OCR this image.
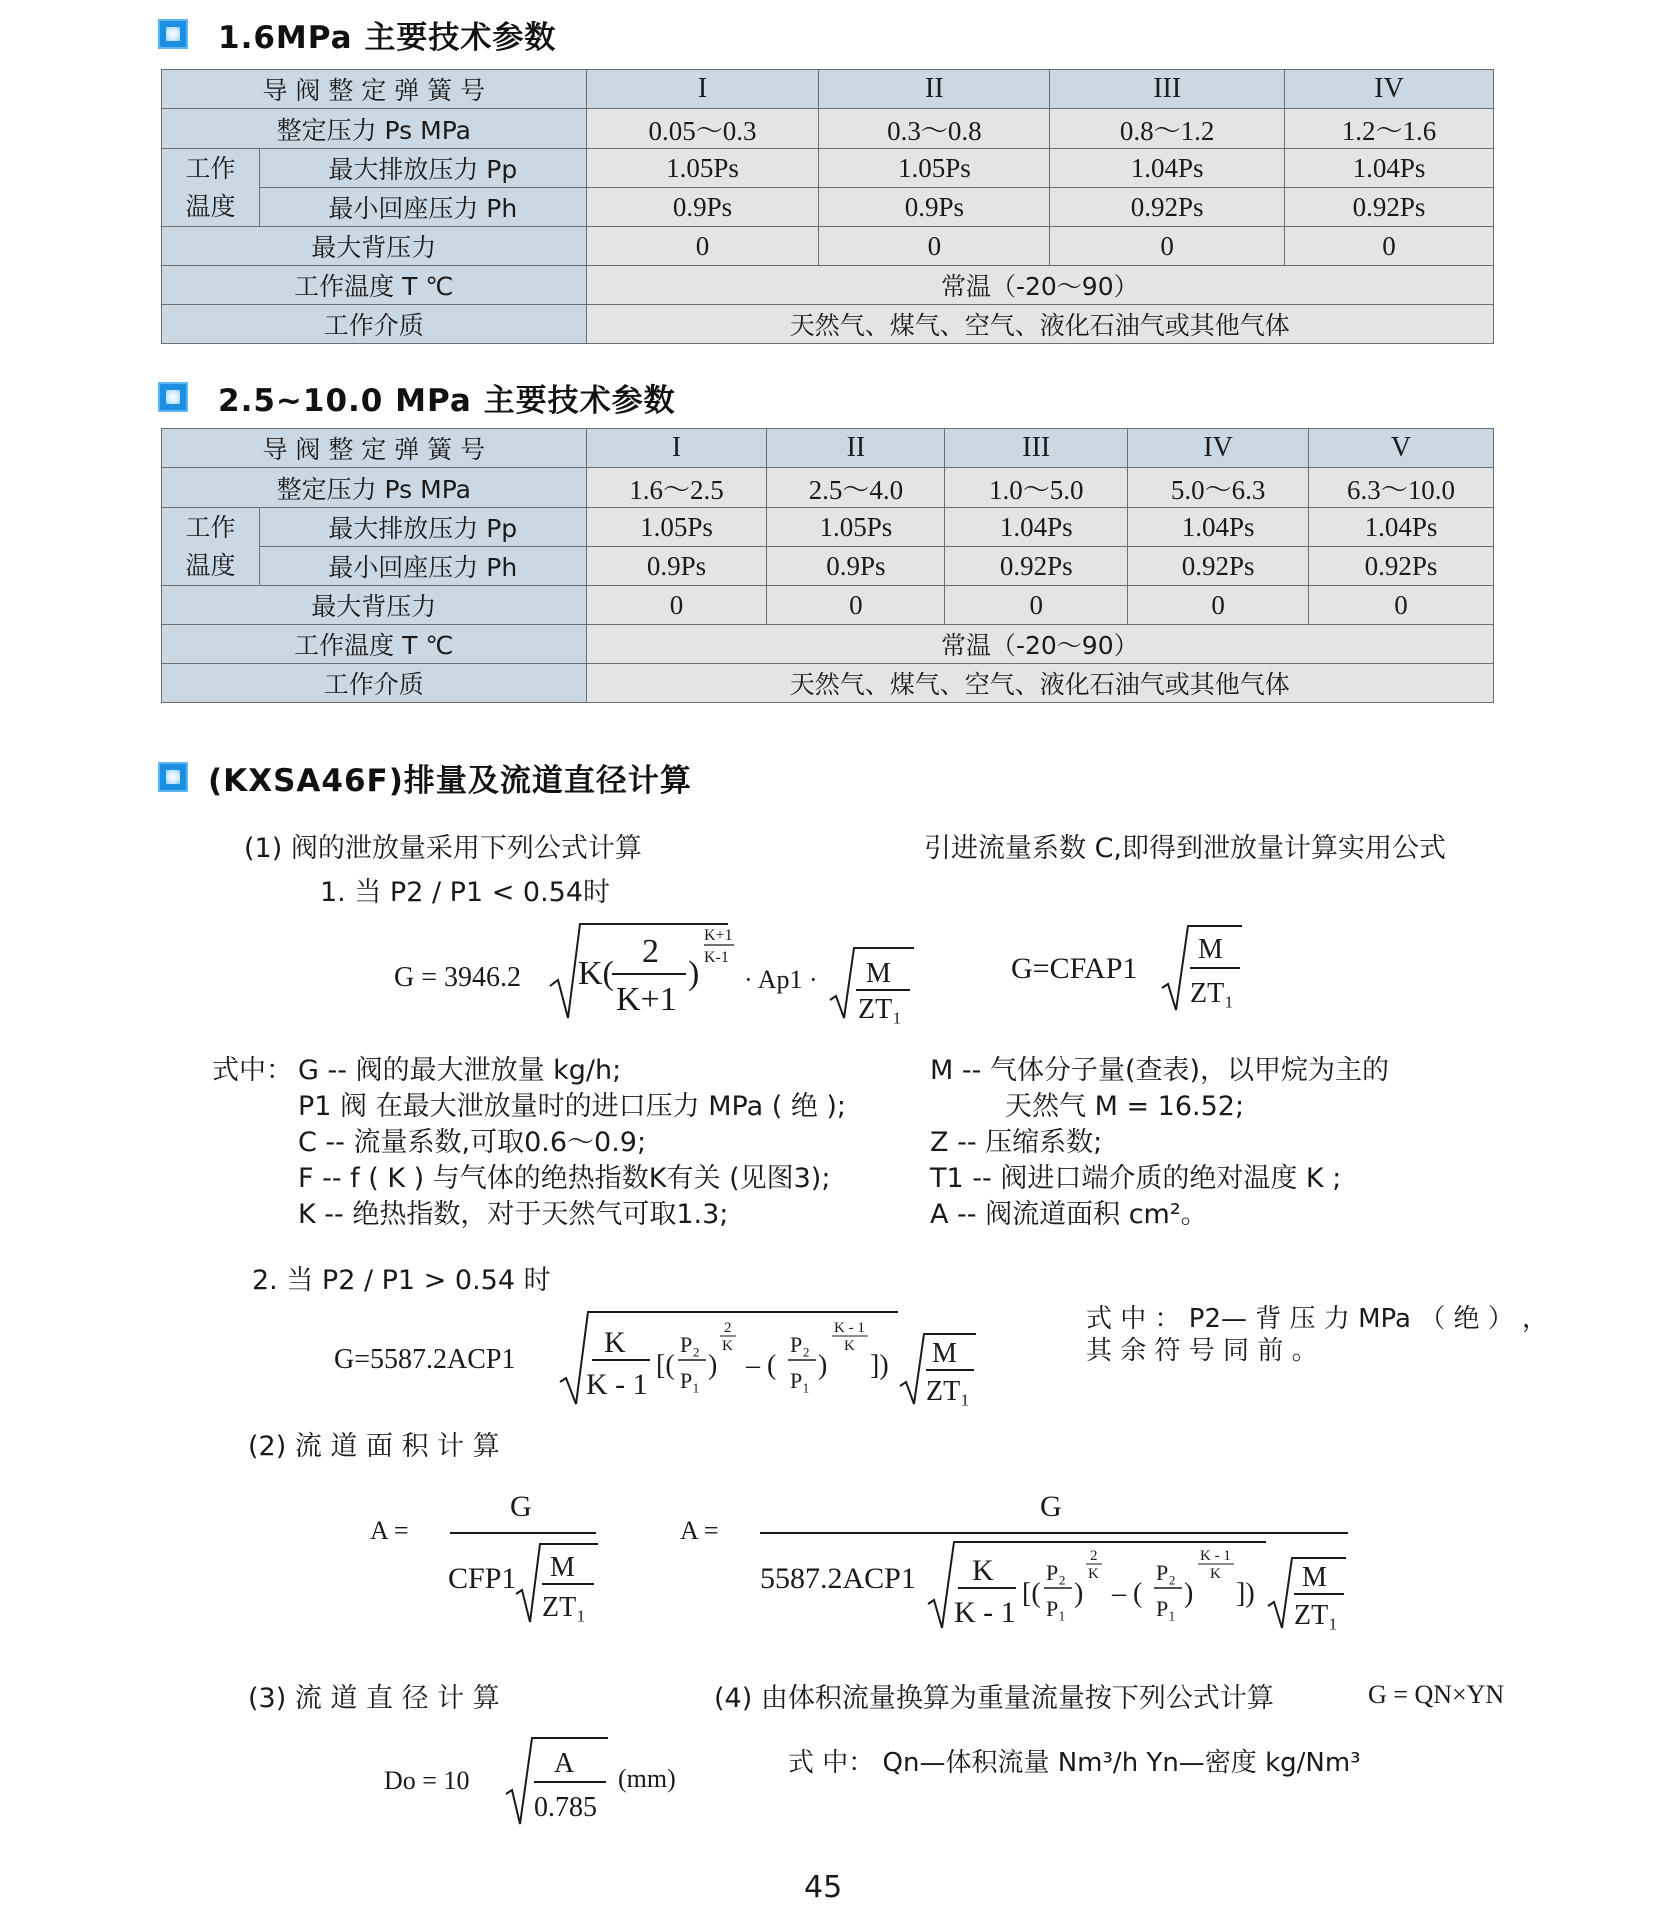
1.6MPa 主要技术参数
导 阀 整 定 弹 簧 号		I	II	III	IV
整定压力 Ps MPa		0.05～0.3	0.3～0.8	0.8～1.2	1.2～1.6

工作
温度	最大排放压力 Pp	1.05Ps	1.05Ps	1.04Ps	1.04Ps
	最小回座压力 Ph	0.9Ps	0.9Ps	0.92Ps	0.92Ps
最大背压力		0	0	0	0
工作温度 T ℃		常温（-20～90）			
工作介质		天然气、煤气、空气、液化石油气或其他气体			
2.5~10.0 MPa 主要技术参数
导 阀 整 定 弹 簧 号		I	II	III	IV	V
整定压力 Ps MPa		1.6～2.5	2.5～4.0	1.0～5.0	5.0～6.3	6.3～10.0

工作
温度	最大排放压力 Pp	1.05Ps	1.05Ps	1.04Ps	1.04Ps	1.04Ps
	最小回座压力 Ph	0.9Ps	0.9Ps	0.92Ps	0.92Ps	0.92Ps
最大背压力		0	0	0	0	0
工作温度 T ℃		常温（-20～90）				
工作介质		天然气、煤气、空气、液化石油气或其他气体				
(KXSA46F)排量及流道直径计算
(1) 阀的泄放量采用下列公式计算	引进流量系数 C,即得到泄放量计算实用公式
1. 当 P2 / P1 < 0.54时
G = 3946.2 K(
2
K+1
)
K+1
K-1
· Ap1 · M
ZT₁
G=CFAP1
M
ZT₁
式中： G -- 阀的最大泄放量 kg/h;
P1 阀 在最大泄放量时的进口压力 MPa ( 绝 );
C -- 流量系数,可取0.6～0.9;
F -- f ( K ) 与气体的绝热指数K有关 (见图3);
K -- 绝热指数，对于天然气可取1.3;
M -- 气体分子量(查表)，以甲烷为主的
天然气 M = 16.52;
Z -- 压缩系数;
T1 -- 阀进口端介质的绝对温度 K ;
A -- 阀流道面积 cm²。
2. 当 P2 / P1 > 0.54 时
G=5587.2ACP1
K
K - 1
[(
P₂
P₁ )
2
K
– (
P₂
P₁ )
K - 1
K
]) M
ZT₁
式 中 ： P2— 背 压 力 MPa （ 绝 ） ，
其 余 符 号 同 前 。
(2) 流 道 面 积 计 算
A =
G
CFP1 M
ZT₁
A =
G
5587.2ACP1 K
K - 1
[(
P₂
P₁ )
2
K
– (
P₂
P₁ )
K - 1
K
])
M
ZT₁
(3) 流 道 直 径 计 算
Do = 10
A
0.785
(mm)
(4) 由体积流量换算为重量流量按下列公式计算	G = QN×YN
式 中： Qn—体积流量 Nm³/h Yn—密度 kg/Nm³
45
